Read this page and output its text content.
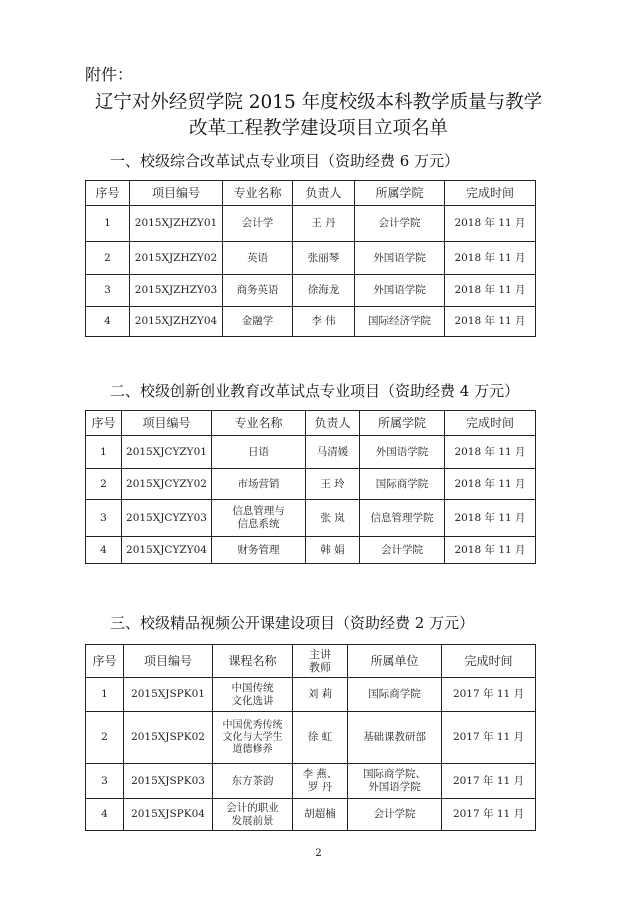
附件：
辽宁对外经贸学院 2015 年度校级本科教学质量与教学
改革工程教学建设项目立项名单
一、校级综合改革试点专业项目（资助经费 6 万元）
序号	项目编号	专业名称	负责人	所属学院	完成时间
1	2015XJZHZY01	会计学	王 丹	会计学院	2018 年 11 月
2	2015XJZHZY02	英语	张丽琴	外国语学院	2018 年 11 月
3	2015XJZHZY03	商务英语	徐海龙	外国语学院	2018 年 11 月
4	2015XJZHZY04	金融学	李 伟	国际经济学院	2018 年 11 月
二、校级创新创业教育改革试点专业项目（资助经费 4 万元）
序号	项目编号	专业名称	负责人	所属学院	完成时间
1	2015XJCYZY01	日语	马清媛	外国语学院	2018 年 11 月
2	2015XJCYZY02	市场营销	王 玲	国际商学院	2018 年 11 月
3	2015XJCYZY03	信息管理与
信息系统	张 岚	信息管理学院	2018 年 11 月
4	2015XJCYZY04	财务管理	韩 娟	会计学院	2018 年 11 月
三、校级精品视频公开课建设项目（资助经费 2 万元）
序号	项目编号	课程名称	主讲
教师	所属单位	完成时间
1	2015XJSPK01	中国传统
文化选讲	刘 莉	国际商学院	2017 年 11 月
2	2015XJSPK02	中国优秀传统
文化与大学生
道德修养	徐 虹	基础课教研部	2017 年 11 月
3	2015XJSPK03	东方茶韵	李 燕、
罗 丹	国际商学院、
外国语学院	2017 年 11 月
4	2015XJSPK04	会计的职业
发展前景	胡超楠	会计学院	2017 年 11 月
2
